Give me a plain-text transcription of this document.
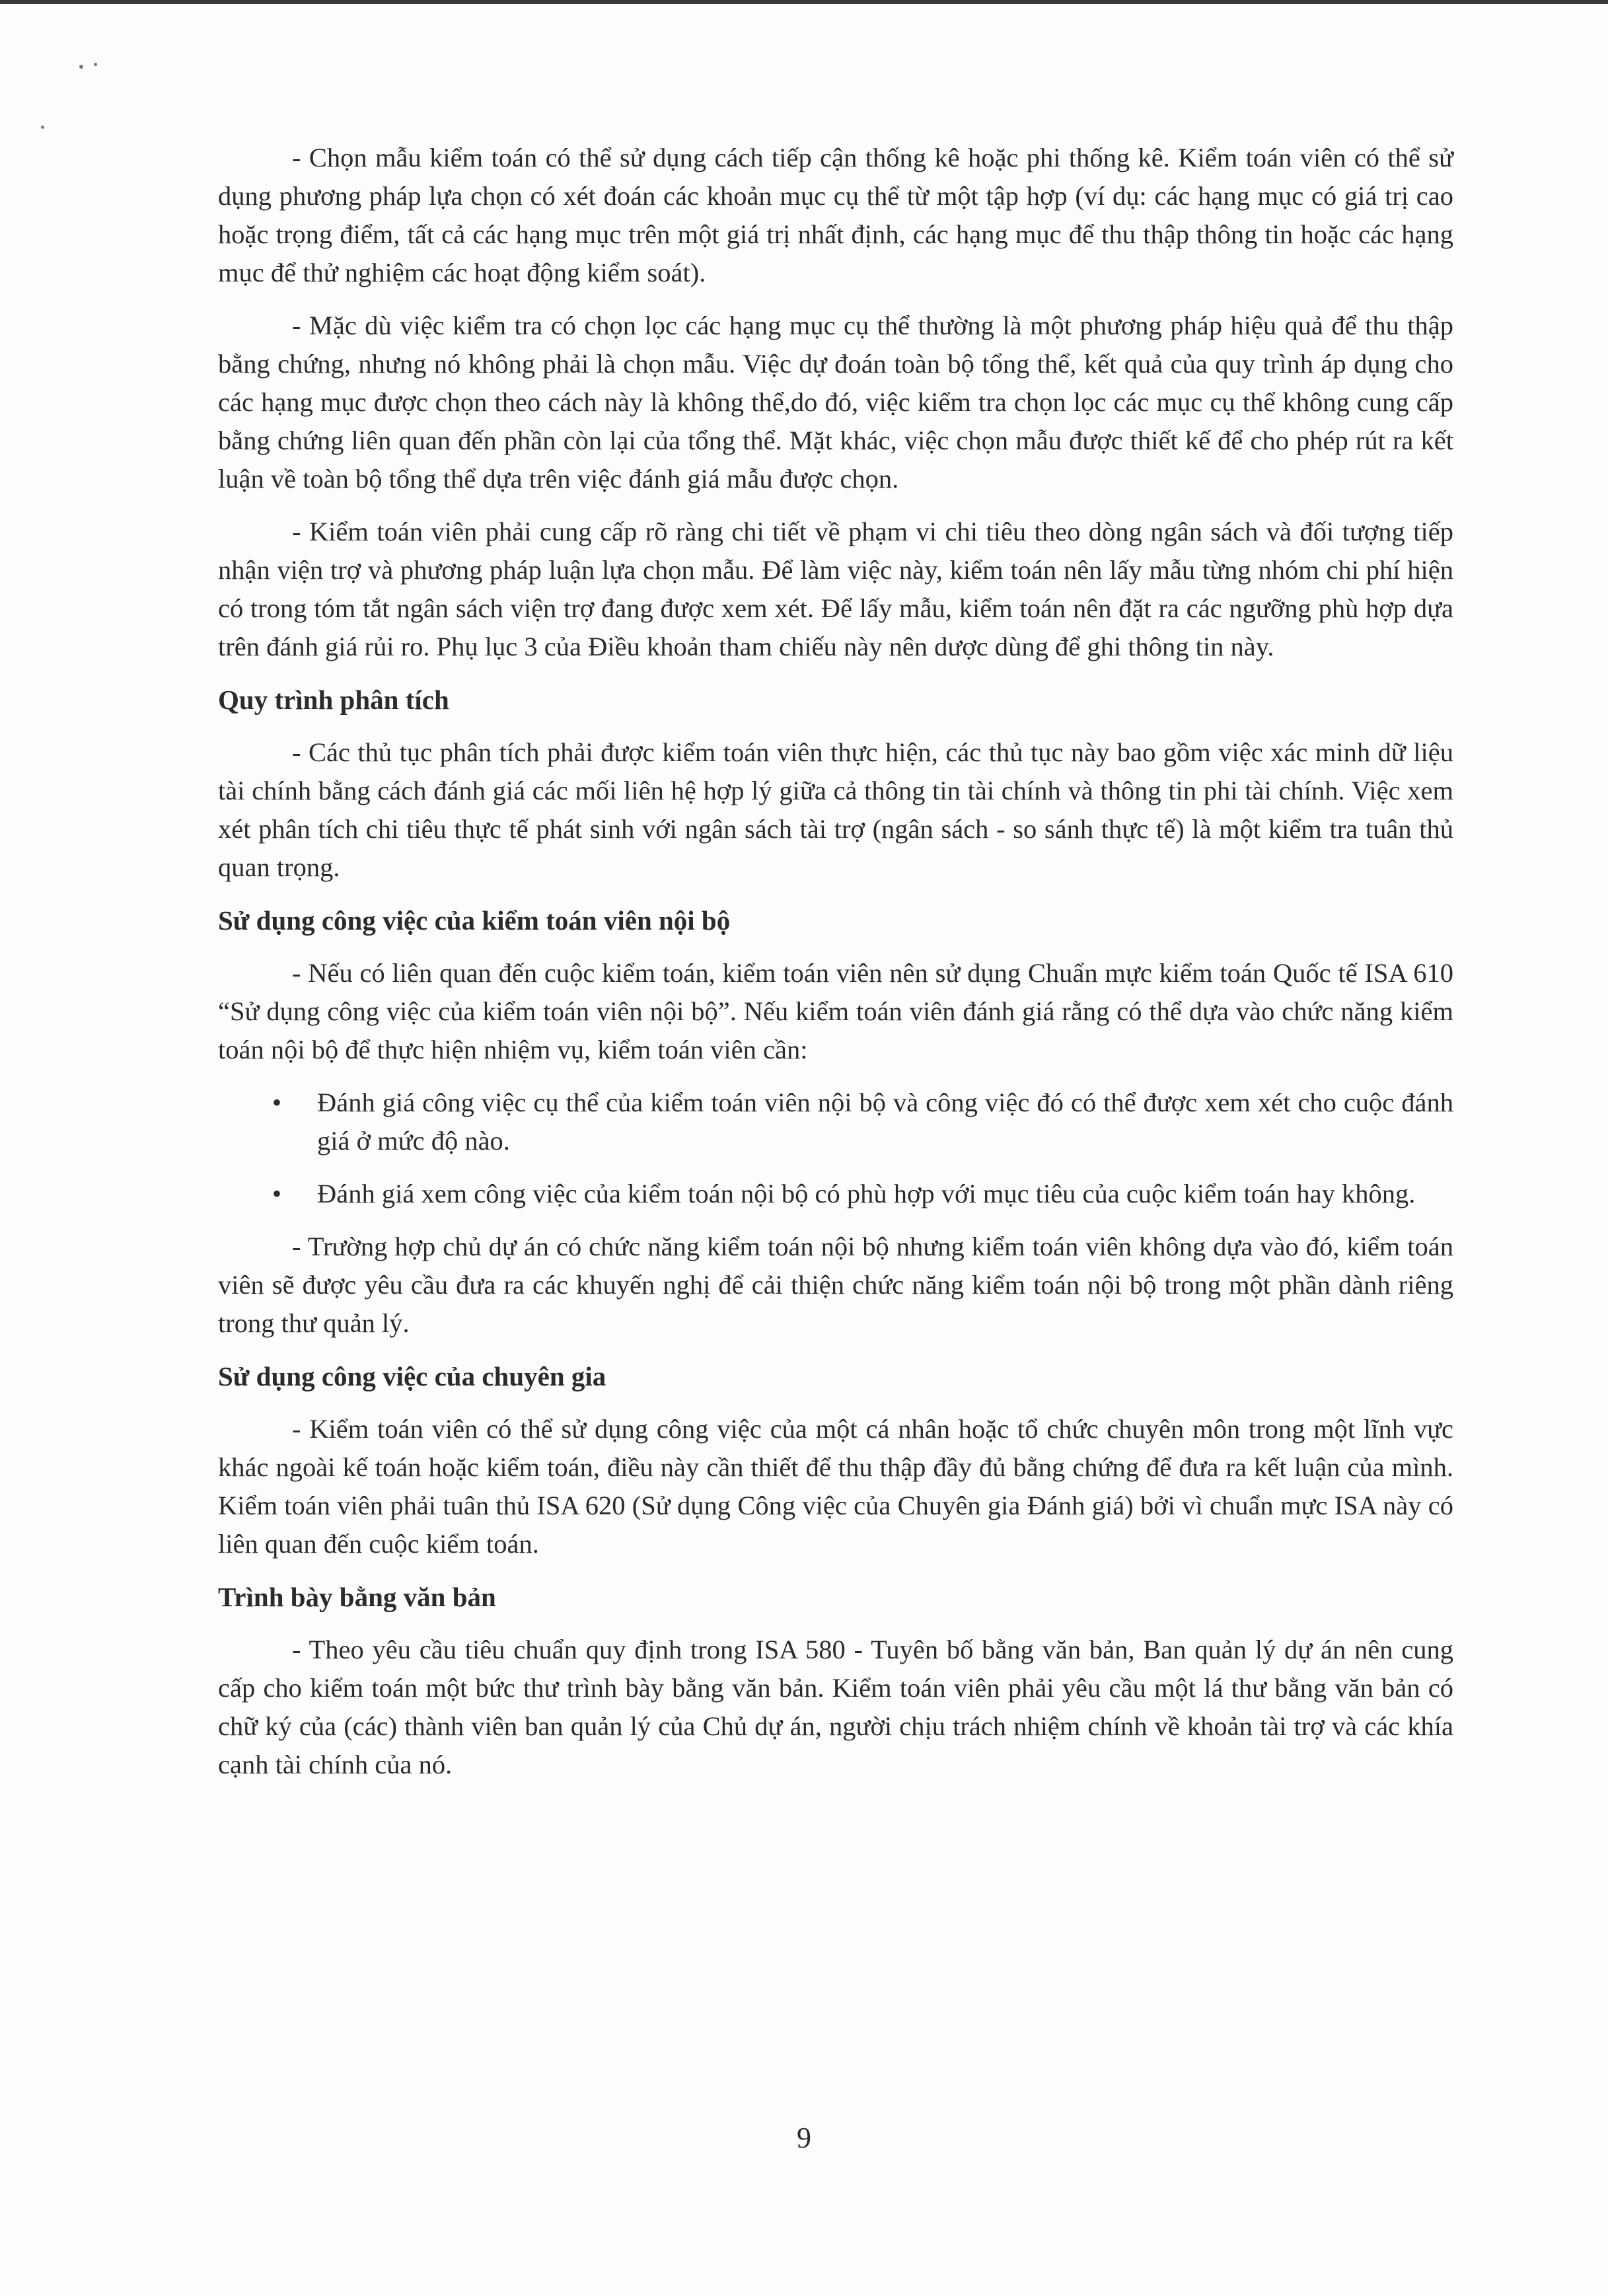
- Chọn mẫu kiểm toán có thể sử dụng cách tiếp cận thống kê hoặc phi thống kê. Kiểm toán viên có thể sử dụng phương pháp lựa chọn có xét đoán các khoản mục cụ thể từ một tập hợp (ví dụ: các hạng mục có giá trị cao hoặc trọng điểm, tất cả các hạng mục trên một giá trị nhất định, các hạng mục để thu thập thông tin hoặc các hạng mục để thử nghiệm các hoạt động kiểm soát).

- Mặc dù việc kiểm tra có chọn lọc các hạng mục cụ thể thường là một phương pháp hiệu quả để thu thập bằng chứng, nhưng nó không phải là chọn mẫu. Việc dự đoán toàn bộ tổng thể, kết quả của quy trình áp dụng cho các hạng mục được chọn theo cách này là không thể,do đó, việc kiểm tra chọn lọc các mục cụ thể không cung cấp bằng chứng liên quan đến phần còn lại của tổng thể. Mặt khác, việc chọn mẫu được thiết kế để cho phép rút ra kết luận về toàn bộ tổng thể dựa trên việc đánh giá mẫu được chọn.

- Kiểm toán viên phải cung cấp rõ ràng chi tiết về phạm vi chi tiêu theo dòng ngân sách và đối tượng tiếp nhận viện trợ và phương pháp luận lựa chọn mẫu. Để làm việc này, kiểm toán nên lấy mẫu từng nhóm chi phí hiện có trong tóm tắt ngân sách viện trợ đang được xem xét. Để lấy mẫu, kiểm toán nên đặt ra các ngưỡng phù hợp dựa trên đánh giá rủi ro. Phụ lục 3 của Điều khoản tham chiếu này nên dược dùng để ghi thông tin này.

Quy trình phân tích

- Các thủ tục phân tích phải được kiểm toán viên thực hiện, các thủ tục này bao gồm việc xác minh dữ liệu tài chính bằng cách đánh giá các mối liên hệ hợp lý giữa cả thông tin tài chính và thông tin phi tài chính. Việc xem xét phân tích chi tiêu thực tế phát sinh với ngân sách tài trợ (ngân sách - so sánh thực tế) là một kiểm tra tuân thủ quan trọng.

Sử dụng công việc của kiểm toán viên nội bộ

- Nếu có liên quan đến cuộc kiểm toán, kiểm toán viên nên sử dụng Chuẩn mực kiểm toán Quốc tế ISA 610 “Sử dụng công việc của kiểm toán viên nội bộ”. Nếu kiểm toán viên đánh giá rằng có thể dựa vào chức năng kiểm toán nội bộ để thực hiện nhiệm vụ, kiểm toán viên cần:

• Đánh giá công việc cụ thể của kiểm toán viên nội bộ và công việc đó có thể được xem xét cho cuộc đánh giá ở mức độ nào.
• Đánh giá xem công việc của kiểm toán nội bộ có phù hợp với mục tiêu của cuộc kiểm toán hay không.

- Trường hợp chủ dự án có chức năng kiểm toán nội bộ nhưng kiểm toán viên không dựa vào đó, kiểm toán viên sẽ được yêu cầu đưa ra các khuyến nghị để cải thiện chức năng kiểm toán nội bộ trong một phần dành riêng trong thư quản lý.

Sử dụng công việc của chuyên gia

- Kiểm toán viên có thể sử dụng công việc của một cá nhân hoặc tổ chức chuyên môn trong một lĩnh vực khác ngoài kế toán hoặc kiểm toán, điều này cần thiết để thu thập đầy đủ bằng chứng để đưa ra kết luận của mình. Kiểm toán viên phải tuân thủ ISA 620 (Sử dụng Công việc của Chuyên gia Đánh giá) bởi vì chuẩn mực ISA này có liên quan đến cuộc kiểm toán.

Trình bày bằng văn bản

- Theo yêu cầu tiêu chuẩn quy định trong ISA 580 - Tuyên bố bằng văn bản, Ban quản lý dự án nên cung cấp cho kiểm toán một bức thư trình bày bằng văn bản. Kiểm toán viên phải yêu cầu một lá thư bằng văn bản có chữ ký của (các) thành viên ban quản lý của Chủ dự án, người chịu trách nhiệm chính về khoản tài trợ và các khía cạnh tài chính của nó.

9
